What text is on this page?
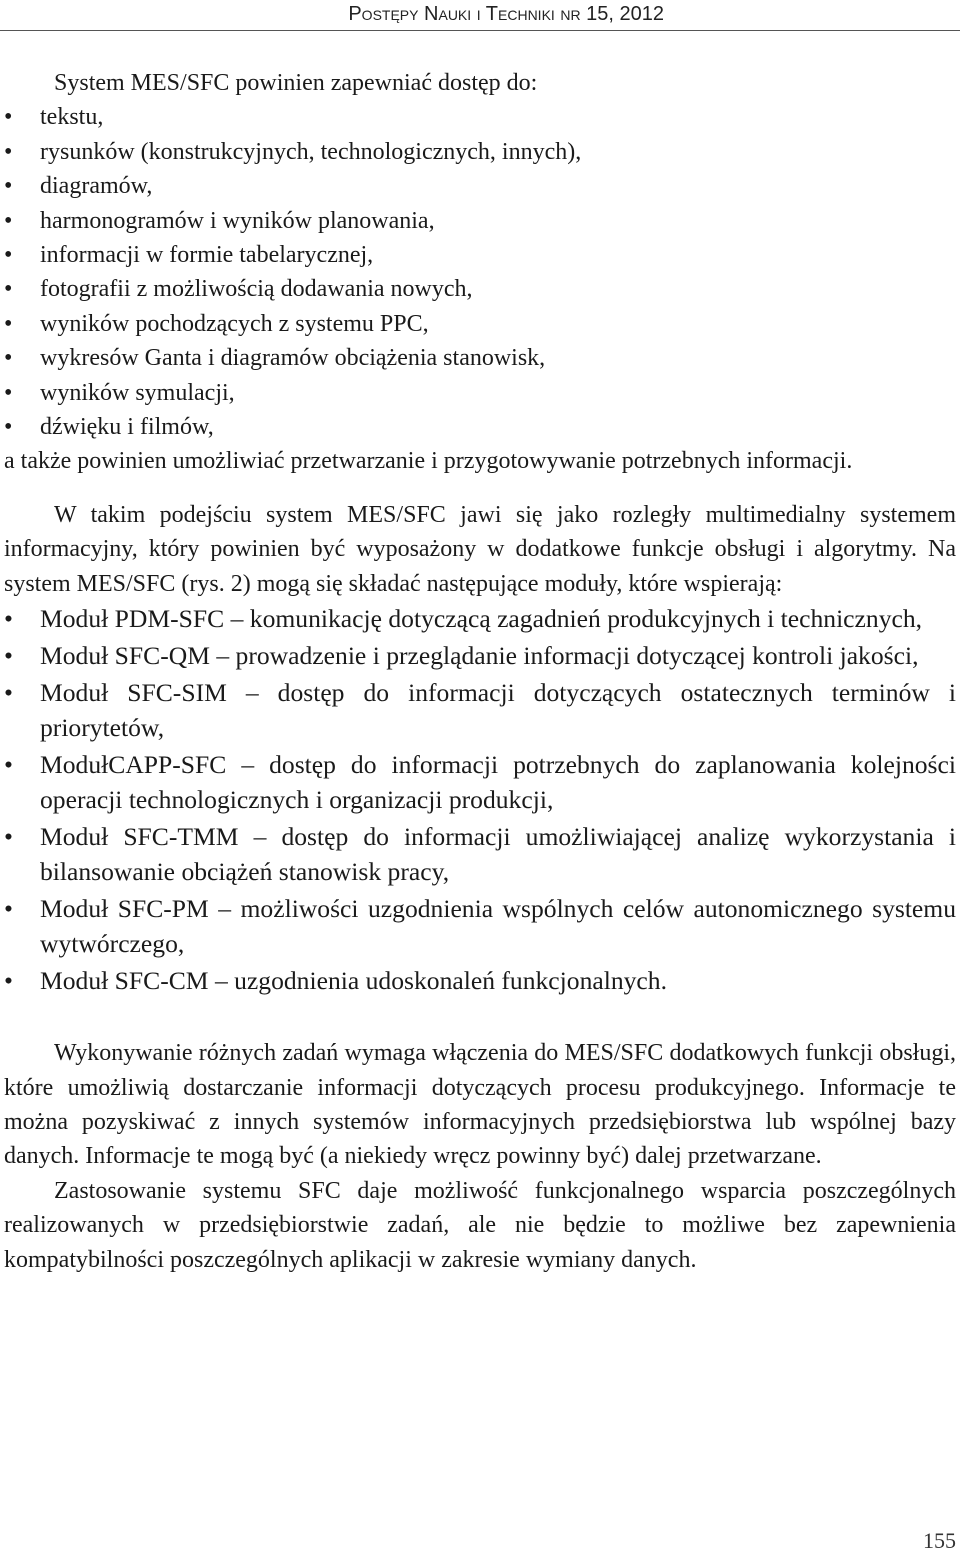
Postępy Nauki i Techniki nr 15, 2012

System MES/SFC powinien zapewniać dostęp do:

• tekstu,
• rysunków (konstrukcyjnych, technologicznych, innych),
• diagramów,
• harmonogramów i wyników planowania,
• informacji w formie tabelarycznej,
• fotografii z możliwością dodawania nowych,
• wyników pochodzących z systemu PPC,
• wykresów Ganta i diagramów obciążenia stanowisk,
• wyników symulacji,
• dźwięku i filmów,

a także powinien umożliwiać przetwarzanie i przygotowywanie potrzebnych informacji.

W takim podejściu system MES/SFC jawi się jako rozległy multimedialny systemem informacyjny, który powinien być wyposażony w dodatkowe funkcje obsługi i algorytmy. Na system MES/SFC (rys. 2) mogą się składać następujące moduły, które wspierają:

• Moduł PDM-SFC – komunikację dotyczącą zagadnień produkcyjnych i technicznych,
• Moduł SFC-QM – prowadzenie i przeglądanie informacji dotyczącej kontroli jakości,
• Moduł SFC-SIM – dostęp do informacji dotyczących ostatecznych terminów i priorytetów,
• ModułCAPP-SFC – dostęp do informacji potrzebnych do zaplanowania kolejności operacji technologicznych i organizacji produkcji,
• Moduł SFC-TMM – dostęp do informacji umożliwiającej analizę wykorzystania i bilansowanie obciążeń stanowisk pracy,
• Moduł SFC-PM – możliwości uzgodnienia wspólnych celów autonomicznego systemu wytwórczego,
• Moduł SFC-CM – uzgodnienia udoskonaleń funkcjonalnych.

Wykonywanie różnych zadań wymaga włączenia do MES/SFC dodatkowych funkcji obsługi, które umożliwią dostarczanie informacji dotyczących procesu produkcyjnego. Informacje te można pozyskiwać z innych systemów informacyjnych przedsiębiorstwa lub wspólnej bazy danych. Informacje te mogą być (a niekiedy wręcz powinny być) dalej przetwarzane.

Zastosowanie systemu SFC daje możliwość funkcjonalnego wsparcia poszczególnych realizowanych w przedsiębiorstwie zadań, ale nie będzie to możliwe bez zapewnienia kompatybilności poszczególnych aplikacji w zakresie wymiany danych.

155
